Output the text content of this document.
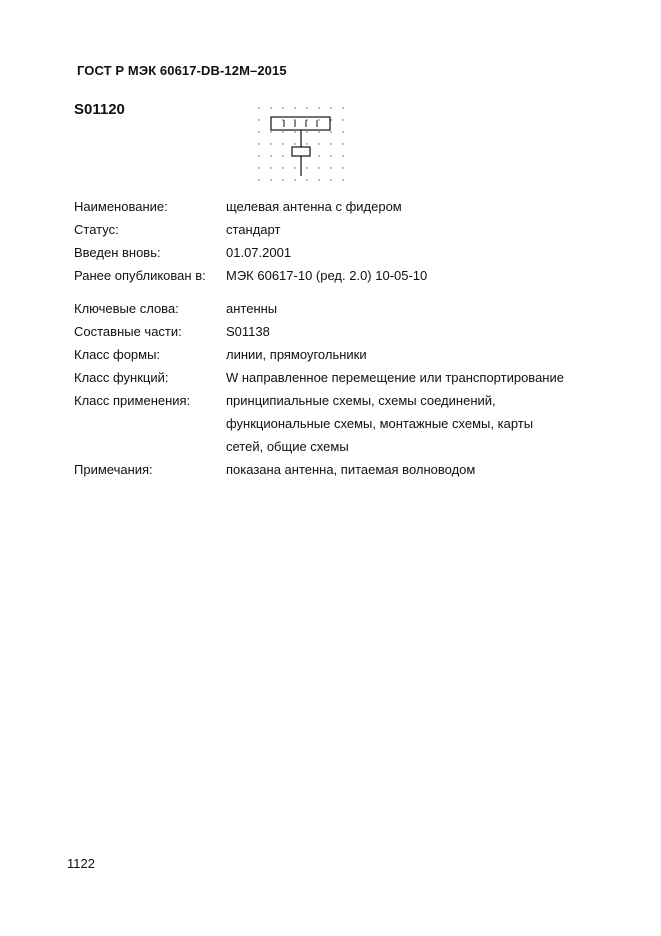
ГОСТ Р МЭК 60617-DB-12M–2015
S01120
Наименование:	щелевая антенна с фидером
Статус:	стандарт
Введен вновь:	01.07.2001
Ранее опубликован в:	МЭК 60617-10 (ред. 2.0) 10-05-10
Ключевые слова:	антенны
Составные части:	S01138
Класс формы:	линии, прямоугольники
Класс функций:	W направленное перемещение или транспортирование
Класс применения:	принципиальные схемы, схемы соединений,
функциональные схемы, монтажные схемы, карты
сетей, общие схемы
Примечания:	показана антенна, питаемая волноводом
1122
